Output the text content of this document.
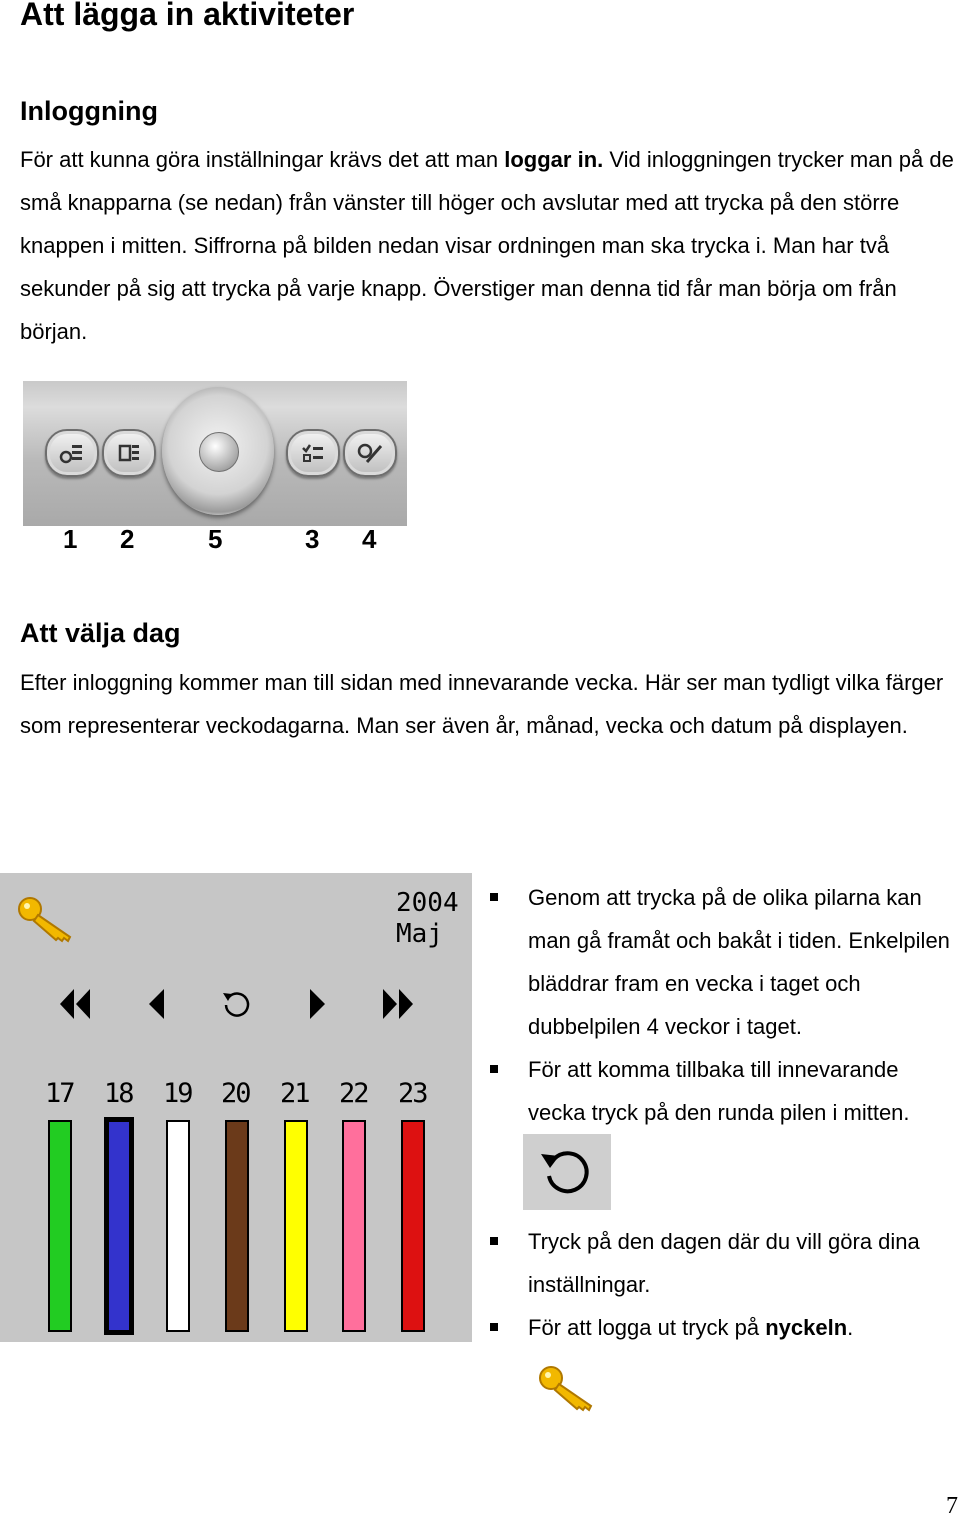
Att lägga in aktiviteter
Inloggning
För att kunna göra inställningar krävs det att man loggar in. Vid inloggningen trycker man på de små knapparna (se nedan) från vänster till höger och avslutar med att trycka på den större knappen i mitten. Siffrorna på bilden nedan visar ordningen man ska trycka i. Man har två sekunder på sig att trycka på varje knapp. Överstiger man denna tid får man börja om från början.
1 2	5	3 4
Att välja dag
Efter inloggning kommer man till sidan med innevarande vecka. Här ser man tydligt vilka färger som representerar veckodagarna. Man ser även år, månad, vecka och datum på displayen.
2004
Maj
17 18 19 20 21 22 23
Genom att trycka på de olika pilarna kan man gå framåt och bakåt i tiden. Enkelpilen bläddrar fram en vecka i taget och dubbelpilen 4 veckor i taget.
För att komma tillbaka till innevarande vecka tryck på den runda pilen i mitten.
Tryck på den dagen där du vill göra dina inställningar.
För att logga ut tryck på nyckeln.
7
